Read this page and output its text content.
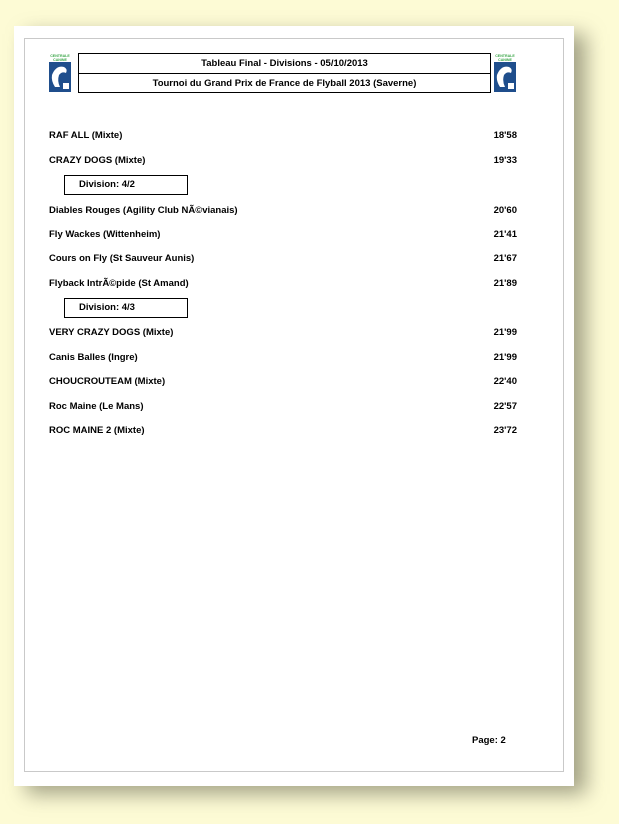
CENTRALE
CANINE	Tableau Final - Divisions - 05/10/2013
Tournoi du Grand Prix de France de Flyball 2013 (Saverne)
CENTRALE
CANINE
RAF ALL (Mixte)	18'58
CRAZY DOGS (Mixte)	19'33
Division: 4/2
Diables Rouges (Agility Club NÃ©vianais)	20'60
Fly Wackes (Wittenheim)	21'41
Cours on Fly (St Sauveur Aunis)	21'67
Flyback IntrÃ©pide (St Amand)	21'89
Division: 4/3
VERY CRAZY DOGS (Mixte)	21'99
Canis Balles (Ingre)	21'99
CHOUCROUTEAM (Mixte)	22'40
Roc Maine (Le Mans)	22'57
ROC MAINE 2 (Mixte)	23'72
Page: 2
